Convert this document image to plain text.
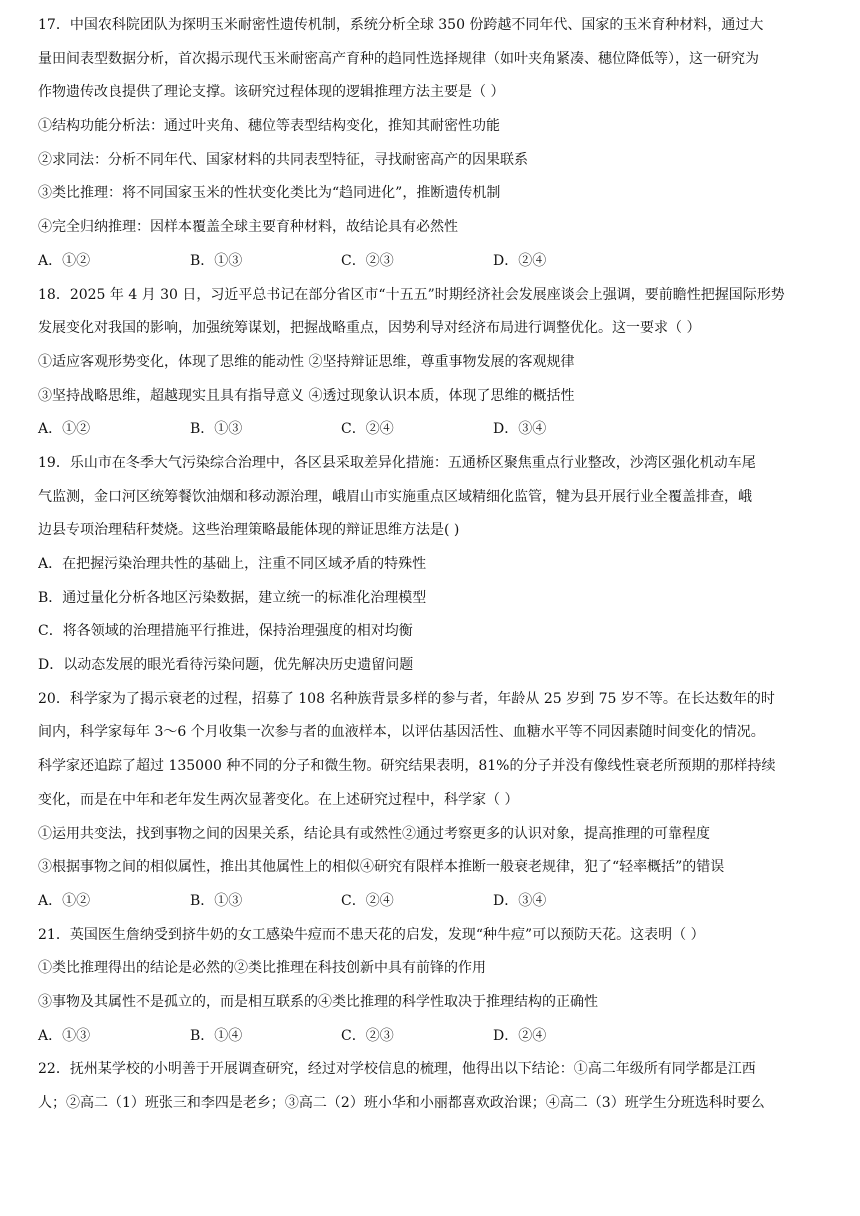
17．中国农科院团队为探明玉米耐密性遗传机制，系统分析全球 350 份跨越不同年代、国家的玉米育种材料，通过大
量田间表型数据分析，首次揭示现代玉米耐密高产育种的趋同性选择规律（如叶夹角紧凑、穗位降低等），这一研究为
作物遗传改良提供了理论支撑。该研究过程体现的逻辑推理方法主要是（ ）
①结构功能分析法：通过叶夹角、穗位等表型结构变化，推知其耐密性功能
②求同法：分析不同年代、国家材料的共同表型特征，寻找耐密高产的因果联系
③类比推理：将不同国家玉米的性状变化类比为“趋同进化”，推断遗传机制
④完全归纳推理：因样本覆盖全球主要育种材料，故结论具有必然性
A．①②	B．①③	C．②③	D．②④
18．2025 年 4 月 30 日，习近平总书记在部分省区市“十五五”时期经济社会发展座谈会上强调，要前瞻性把握国际形势
发展变化对我国的影响，加强统筹谋划，把握战略重点，因势利导对经济布局进行调整优化。这一要求（ ）
①适应客观形势变化，体现了思维的能动性 ②坚持辩证思维，尊重事物发展的客观规律
③坚持战略思维，超越现实且具有指导意义 ④透过现象认识本质，体现了思维的概括性
A．①②	B．①③	C．②④	D．③④
19．乐山市在冬季大气污染综合治理中，各区县采取差异化措施：五通桥区聚焦重点行业整改，沙湾区强化机动车尾
气监测，金口河区统筹餐饮油烟和移动源治理，峨眉山市实施重点区域精细化监管，犍为县开展行业全覆盖排查，峨
边县专项治理秸秆焚烧。这些治理策略最能体现的辩证思维方法是( )
A．在把握污染治理共性的基础上，注重不同区域矛盾的特殊性
B．通过量化分析各地区污染数据，建立统一的标准化治理模型
C．将各领域的治理措施平行推进，保持治理强度的相对均衡
D．以动态发展的眼光看待污染问题，优先解决历史遗留问题
20．科学家为了揭示衰老的过程，招募了 108 名种族背景多样的参与者，年龄从 25 岁到 75 岁不等。在长达数年的时
间内，科学家每年 3～6 个月收集一次参与者的血液样本，以评估基因活性、血糖水平等不同因素随时间变化的情况。
科学家还追踪了超过 135000 种不同的分子和微生物。研究结果表明，81%的分子并没有像线性衰老所预期的那样持续
变化，而是在中年和老年发生两次显著变化。在上述研究过程中，科学家（ ）
①运用共变法，找到事物之间的因果关系，结论具有或然性②通过考察更多的认识对象，提高推理的可靠程度
③根据事物之间的相似属性，推出其他属性上的相似④研究有限样本推断一般衰老规律，犯了“轻率概括”的错误
A．①②	B．①③	C．②④	D．③④
21．英国医生詹纳受到挤牛奶的女工感染牛痘而不患天花的启发，发现“种牛痘”可以预防天花。这表明（ ）
①类比推理得出的结论是必然的②类比推理在科技创新中具有前锋的作用
③事物及其属性不是孤立的，而是相互联系的④类比推理的科学性取决于推理结构的正确性
A．①③	B．①④	C．②③	D．②④
22．抚州某学校的小明善于开展调查研究，经过对学校信息的梳理，他得出以下结论：①高二年级所有同学都是江西
人；②高二（1）班张三和李四是老乡；③高二（2）班小华和小丽都喜欢政治课；④高二（3）班学生分班选科时要么
